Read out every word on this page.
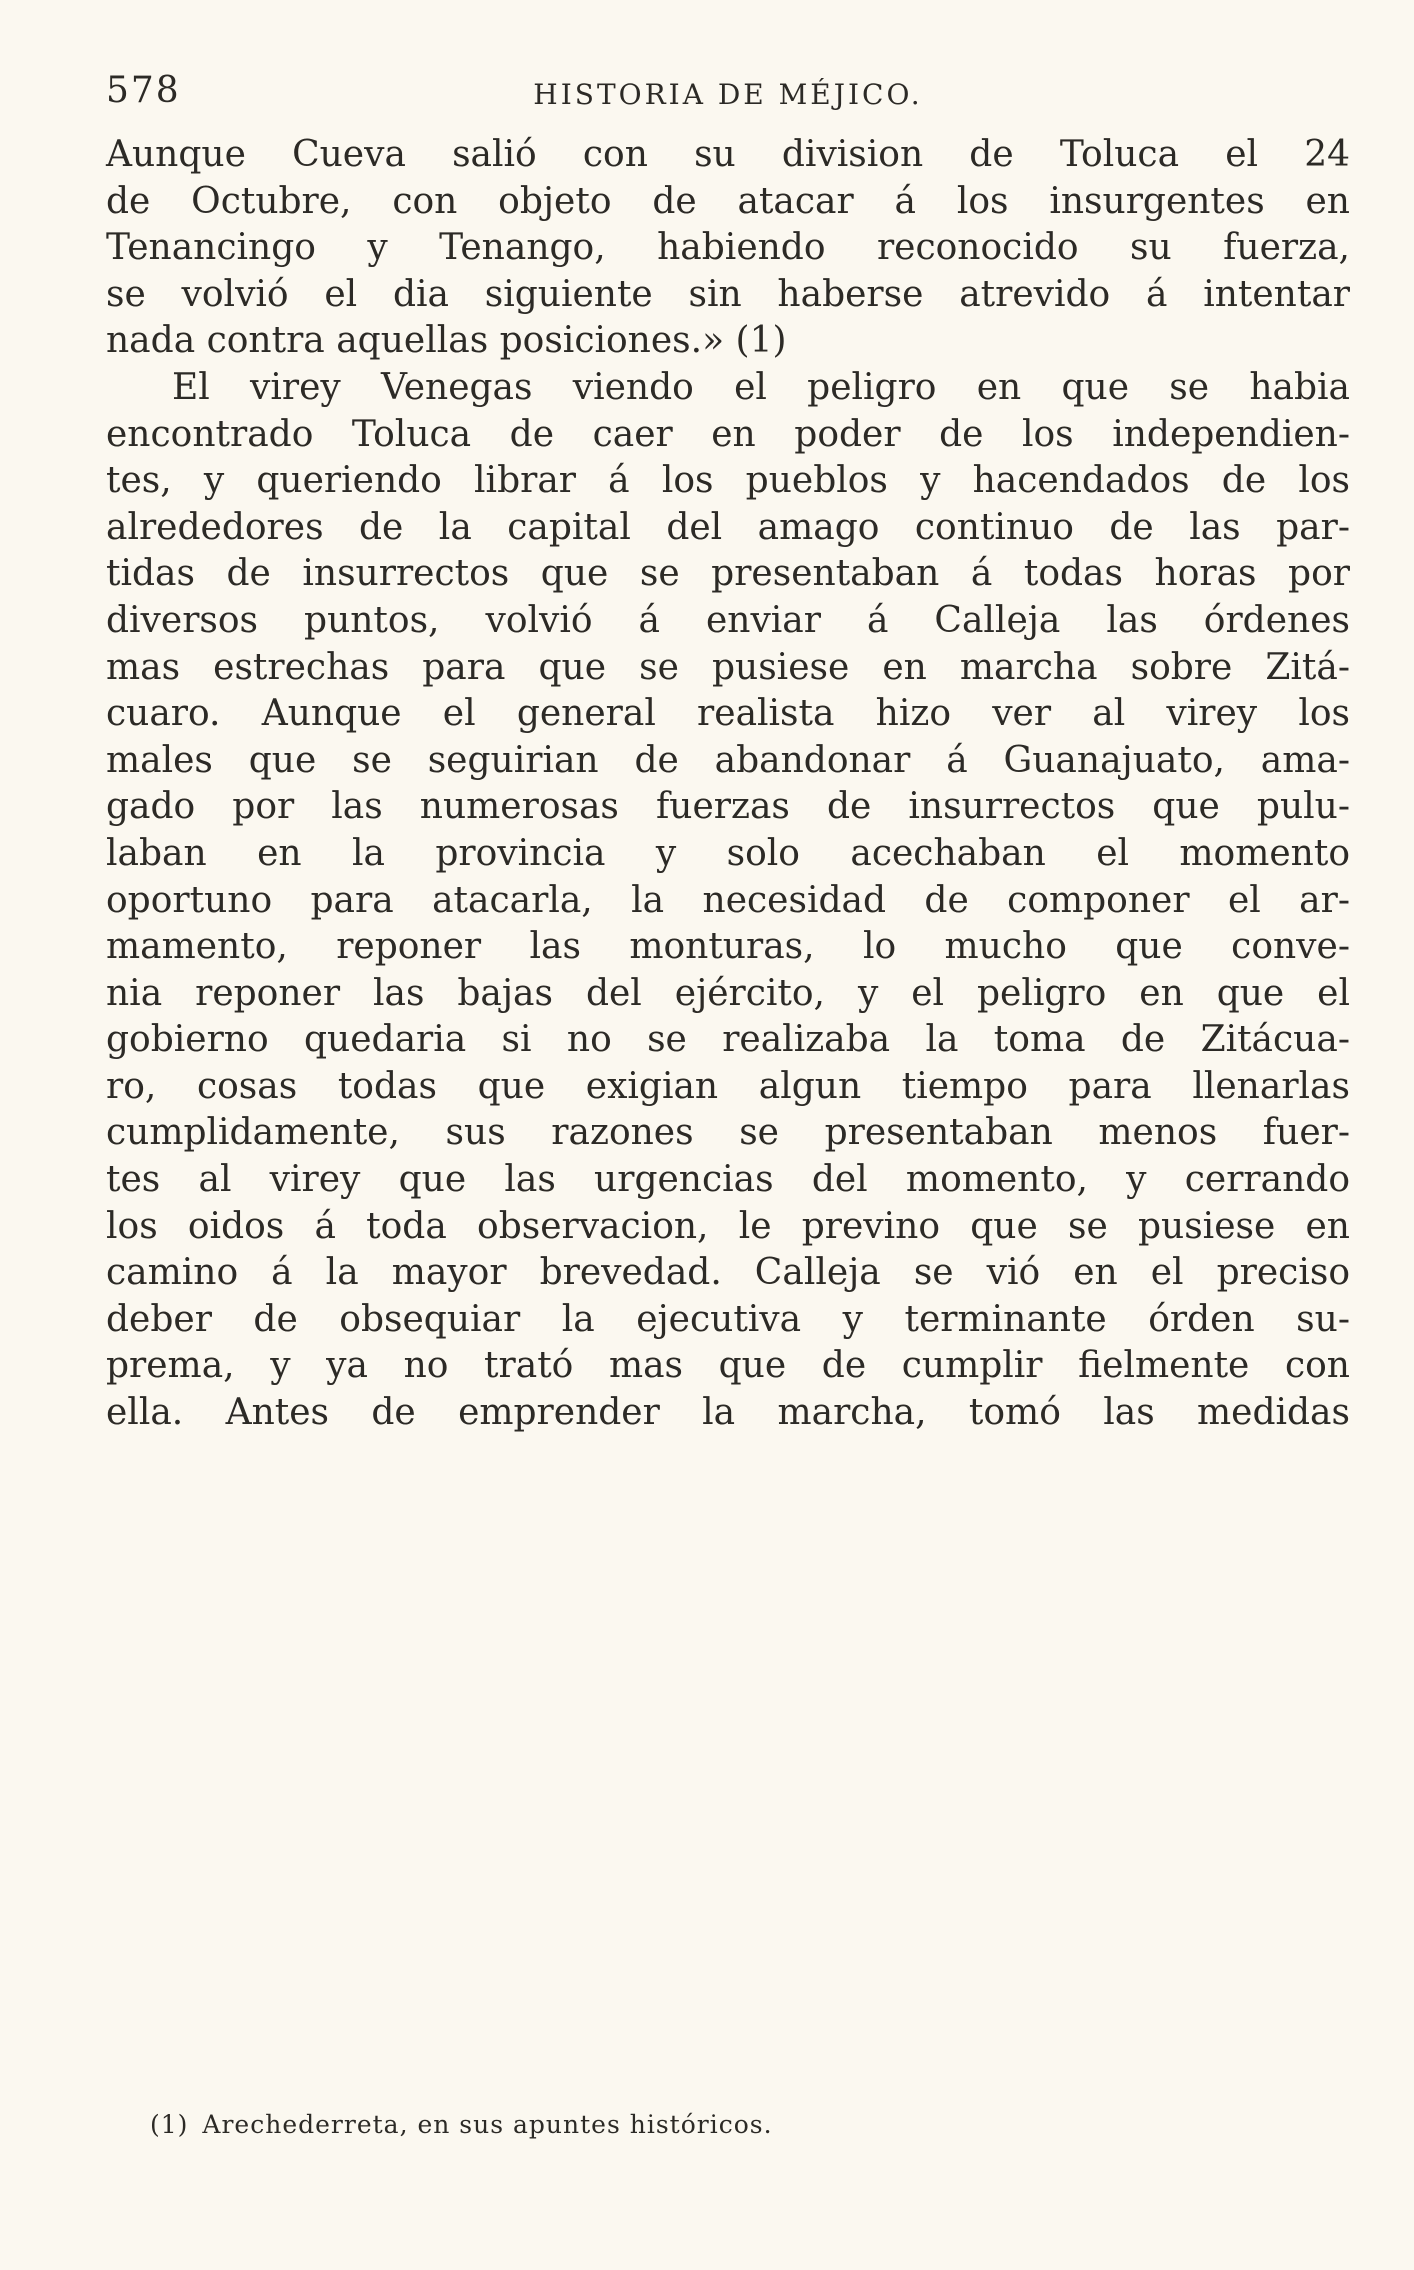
578	HISTORIA DE MÉJICO.

Aunque Cueva salió con su division de Toluca el 24

de Octubre, con objeto de atacar á los insurgentes en

Tenancingo y Tenango, habiendo reconocido su fuerza,

se volvió el dia siguiente sin haberse atrevido á intentar

nada contra aquellas posiciones.» (1)

El virey Venegas viendo el peligro en que se habia

encontrado Toluca de caer en poder de los independien-

tes, y queriendo librar á los pueblos y hacendados de los

alrededores de la capital del amago continuo de las par-

tidas de insurrectos que se presentaban á todas horas por

diversos puntos, volvió á enviar á Calleja las órdenes

mas estrechas para que se pusiese en marcha sobre Zitá-

cuaro. Aunque el general realista hizo ver al virey los

males que se seguirian de abandonar á Guanajuato, ama-

gado por las numerosas fuerzas de insurrectos que pulu-

laban en la provincia y solo acechaban el momento

oportuno para atacarla, la necesidad de componer el ar-

mamento, reponer las monturas, lo mucho que conve-

nia reponer las bajas del ejército, y el peligro en que el

gobierno quedaria si no se realizaba la toma de Zitácua-

ro, cosas todas que exigian algun tiempo para llenarlas

cumplidamente, sus razones se presentaban menos fuer-

tes al virey que las urgencias del momento, y cerrando

los oidos á toda observacion, le previno que se pusiese en

camino á la mayor brevedad. Calleja se vió en el preciso

deber de obsequiar la ejecutiva y terminante órden su-

prema, y ya no trató mas que de cumplir fielmente con

ella. Antes de emprender la marcha, tomó las medidas

(1) Arechederreta, en sus apuntes históricos.
